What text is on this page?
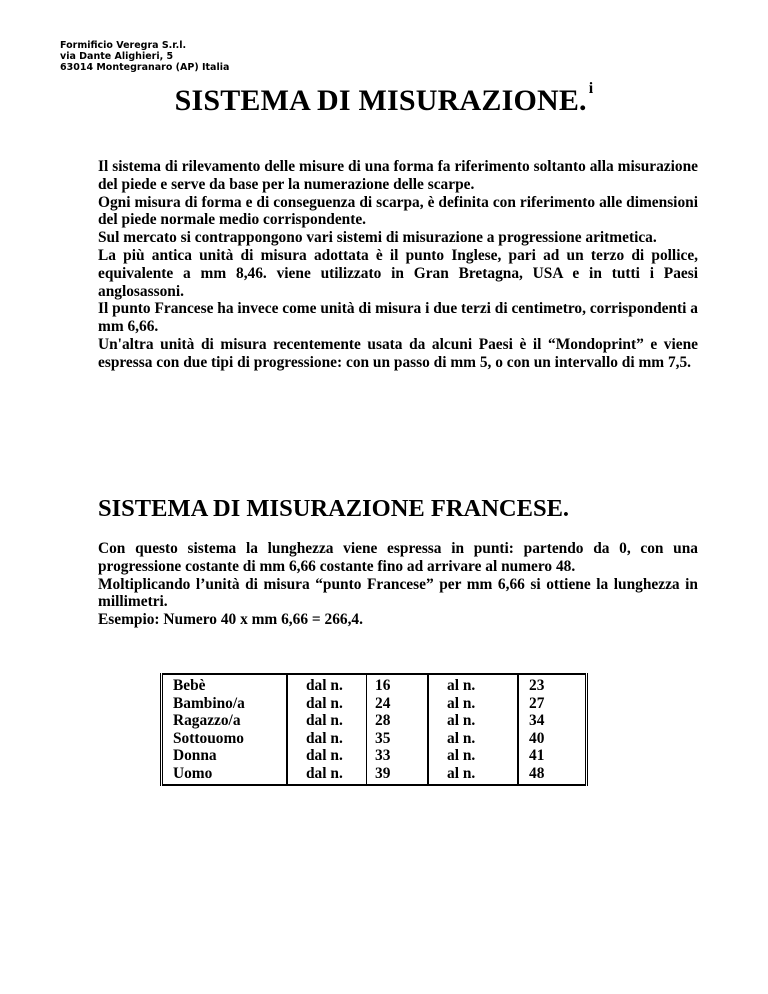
Formificio Veregra S.r.l.
via Dante Alighieri, 5
63014 Montegranaro (AP) Italia
SISTEMA DI MISURAZIONE. $^i$

Il sistema di rilevamento delle misure di una forma fa riferimento soltanto alla misurazione del piede e serve da base per la numerazione delle scarpe.

Ogni misura di forma e di conseguenza di scarpa, è definita con riferimento alle dimensioni del piede normale medio corrispondente.

Sul mercato si contrappongono vari sistemi di misurazione a progressione aritmetica.

La più antica unità di misura adottata è il punto Inglese, pari ad un terzo di pollice, equivalente a mm 8,46. viene utilizzato in Gran Bretagna, USA e in tutti i Paesi anglosassoni.

Il punto Francese ha invece come unità di misura i due terzi di centimetro, corrispondenti a mm 6,66.

Un'altra unità di misura recentemente usata da alcuni Paesi è il “Mondoprint” e viene espressa con due tipi di progressione: con un passo di mm 5, o con un intervallo di mm 7,5.

SISTEMA DI MISURAZIONE FRANCESE.

Con questo sistema la lunghezza viene espressa in punti: partendo da 0, con una progressione costante di mm 6,66 costante fino ad arrivare al numero 48.

Moltiplicando l’unità di misura “punto Francese” per mm 6,66 si ottiene la lunghezza in millimetri.

Esempio: Numero 40 x mm 6,66 = 266,4.

Bebè	dal n.	16	al n.	23
Bambino/a	dal n.	24	al n.	27
Ragazzo/a	dal n.	28	al n.	34
Sottouomo	dal n.	35	al n.	40
Donna	dal n.	33	al n.	41
Uomo	dal n.	39	al n.	48
